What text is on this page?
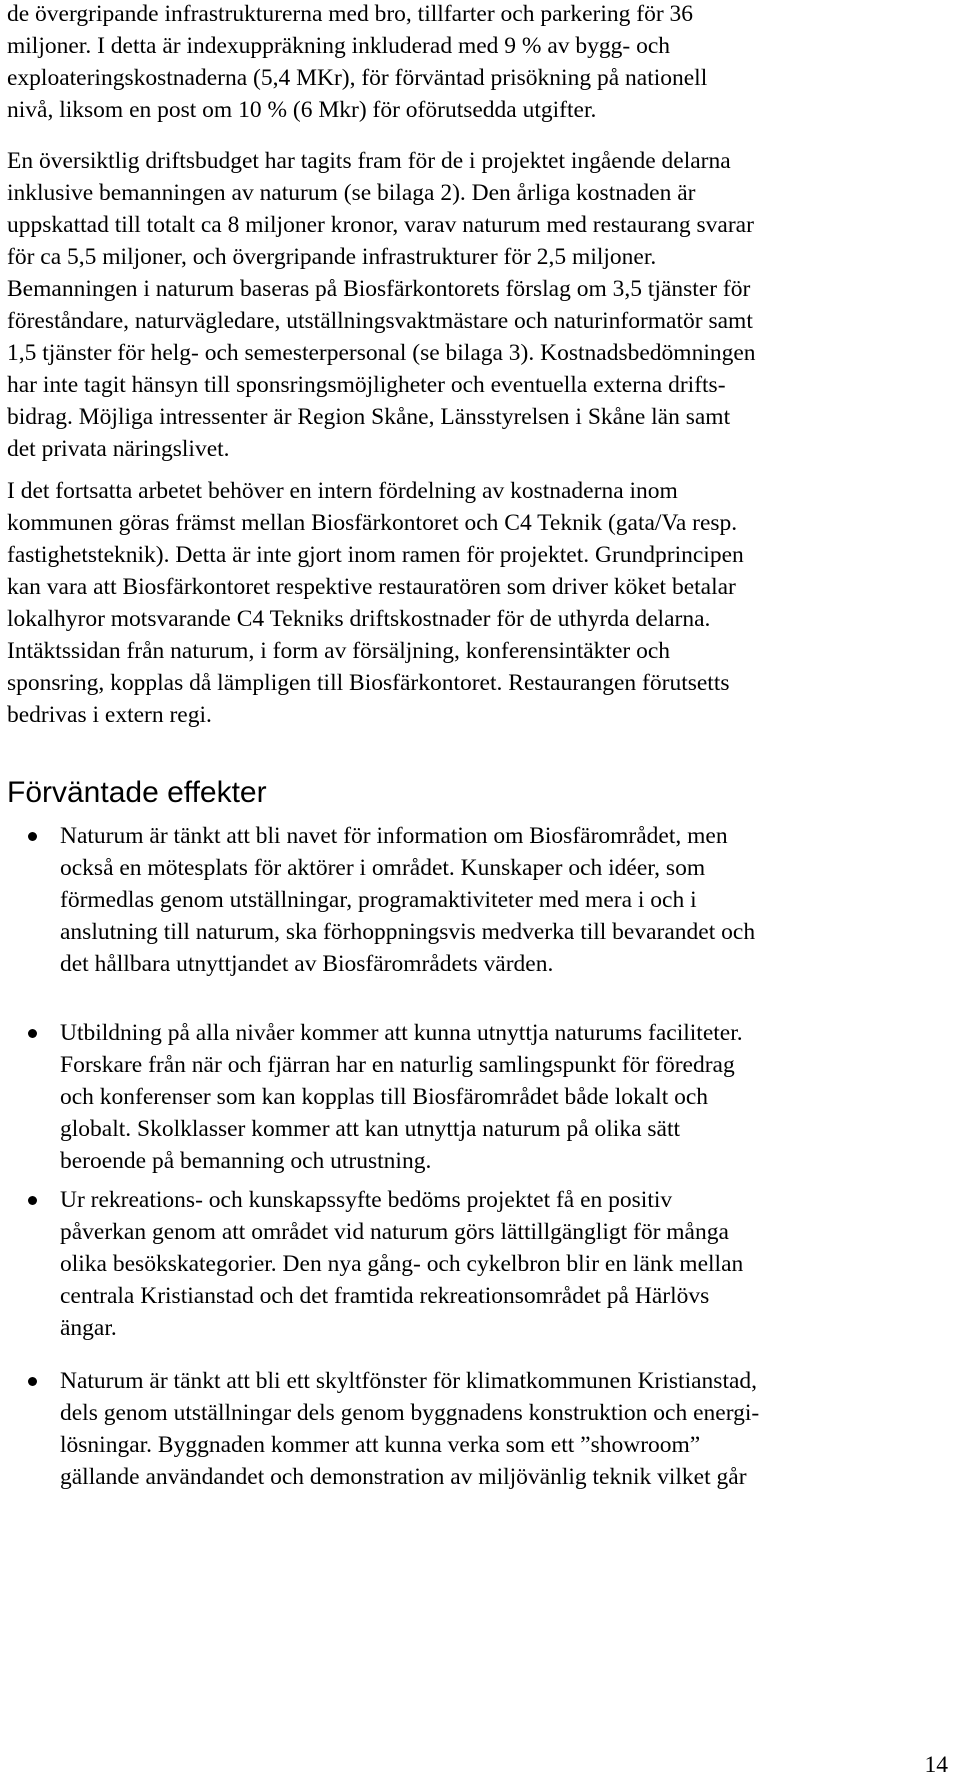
de övergripande infrastrukturerna med bro, tillfarter och parkering för 36
miljoner. I detta är indexuppräkning inkluderad med 9 % av bygg- och
exploateringskostnaderna (5,4 MKr), för förväntad prisökning på nationell
nivå, liksom en post om 10 % (6 Mkr) för oförutsedda utgifter.

En översiktlig driftsbudget har tagits fram för de i projektet ingående delarna
inklusive bemanningen av naturum (se bilaga 2). Den årliga kostnaden är
uppskattad till totalt ca 8 miljoner kronor, varav naturum med restaurang svarar
för ca 5,5 miljoner, och övergripande infrastrukturer för 2,5 miljoner.
Bemanningen i naturum baseras på Biosfärkontorets förslag om 3,5 tjänster för
föreståndare, naturvägledare, utställningsvaktmästare och naturinformatör samt
1,5 tjänster för helg- och semesterpersonal (se bilaga 3). Kostnadsbedömningen
har inte tagit hänsyn till sponsringsmöjligheter och eventuella externa drifts-
bidrag. Möjliga intressenter är Region Skåne, Länsstyrelsen i Skåne län samt
det privata näringslivet.

I det fortsatta arbetet behöver en intern fördelning av kostnaderna inom
kommunen göras främst mellan Biosfärkontoret och C4 Teknik (gata/Va resp.
fastighetsteknik). Detta är inte gjort inom ramen för projektet. Grundprincipen
kan vara att Biosfärkontoret respektive restauratören som driver köket betalar
lokalhyror motsvarande C4 Tekniks driftskostnader för de uthyrda delarna.
Intäktssidan från naturum, i form av försäljning, konferensintäkter och
sponsring, kopplas då lämpligen till Biosfärkontoret. Restaurangen förutsetts
bedrivas i extern regi.

Förväntade effekter
Naturum är tänkt att bli navet för information om Biosfärområdet, men
också en mötesplats för aktörer i området. Kunskaper och idéer, som
förmedlas genom utställningar, programaktiviteter med mera i och i
anslutning till naturum, ska förhoppningsvis medverka till bevarandet och
det hållbara utnyttjandet av Biosfärområdets värden.
Utbildning på alla nivåer kommer att kunna utnyttja naturums faciliteter.
Forskare från när och fjärran har en naturlig samlingspunkt för föredrag
och konferenser som kan kopplas till Biosfärområdet både lokalt och
globalt. Skolklasser kommer att kan utnyttja naturum på olika sätt
beroende på bemanning och utrustning.
Ur rekreations- och kunskapssyfte bedöms projektet få en positiv
påverkan genom att området vid naturum görs lättillgängligt för många
olika besökskategorier. Den nya gång- och cykelbron blir en länk mellan
centrala Kristianstad och det framtida rekreationsområdet på Härlövs
ängar.
Naturum är tänkt att bli ett skyltfönster för klimatkommunen Kristianstad,
dels genom utställningar dels genom byggnadens konstruktion och energi-
lösningar. Byggnaden kommer att kunna verka som ett ”showroom”
gällande användandet och demonstration av miljövänlig teknik vilket går
14
